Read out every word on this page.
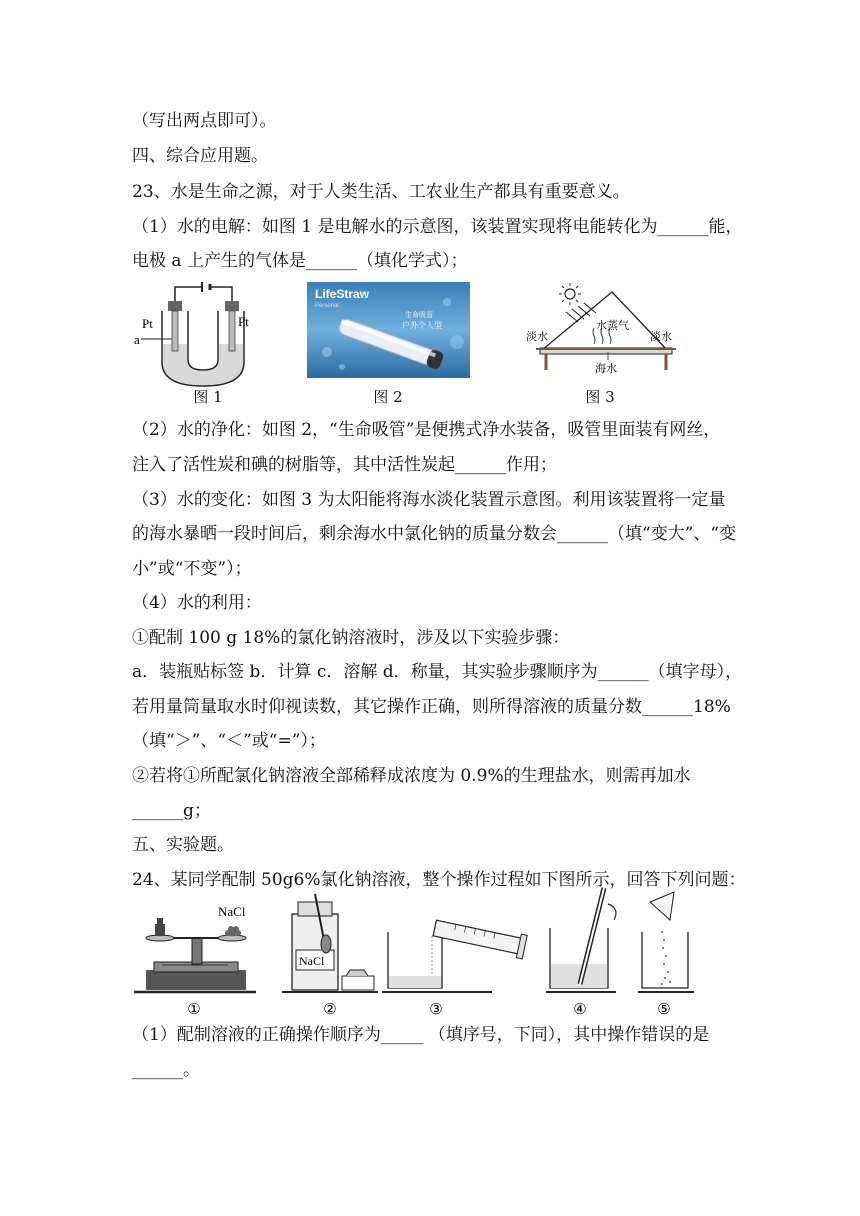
（写出两点即可）。
四、综合应用题。
23、水是生命之源，对于人类生活、工农业生产都具有重要意义。
（1）水的电解：如图 1 是电解水的示意图，该装置实现将电能转化为______能，
电极 a 上产生的气体是______（填化学式）；
Pt	Pt
a
图 1
LifeStraw
Personal
生命吸管
户外个人型
图 2
淡水	淡水
水蒸气
海水
图 3
（2）水的净化：如图 2，“生命吸管”是便携式净水装备，吸管里面装有网丝，
注入了活性炭和碘的树脂等，其中活性炭起______作用；
（3）水的变化：如图 3 为太阳能将海水淡化装置示意图。利用该装置将一定量
的海水暴晒一段时间后，剩余海水中氯化钠的质量分数会______（填“变大”、“变
小”或“不变”）；
（4）水的利用：
①配制 100 g 18%的氯化钠溶液时，涉及以下实验步骤：
a．装瓶贴标签 b．计算 c．溶解 d．称量，其实验步骤顺序为______（填字母），
若用量筒量取水时仰视读数，其它操作正确，则所得溶液的质量分数______18%
（填“＞”、“＜”或“=”）；
②若将①所配氯化钠溶液全部稀释成浓度为 0.9%的生理盐水，则需再加水
______g；
五、实验题。
24、某同学配制 50g6%氯化钠溶液，整个操作过程如下图所示，回答下列问题：
NaCl
NaCl
①	②	③	④	⑤
（1）配制溶液的正确操作顺序为_____ （填序号，下同），其中操作错误的是
______。
